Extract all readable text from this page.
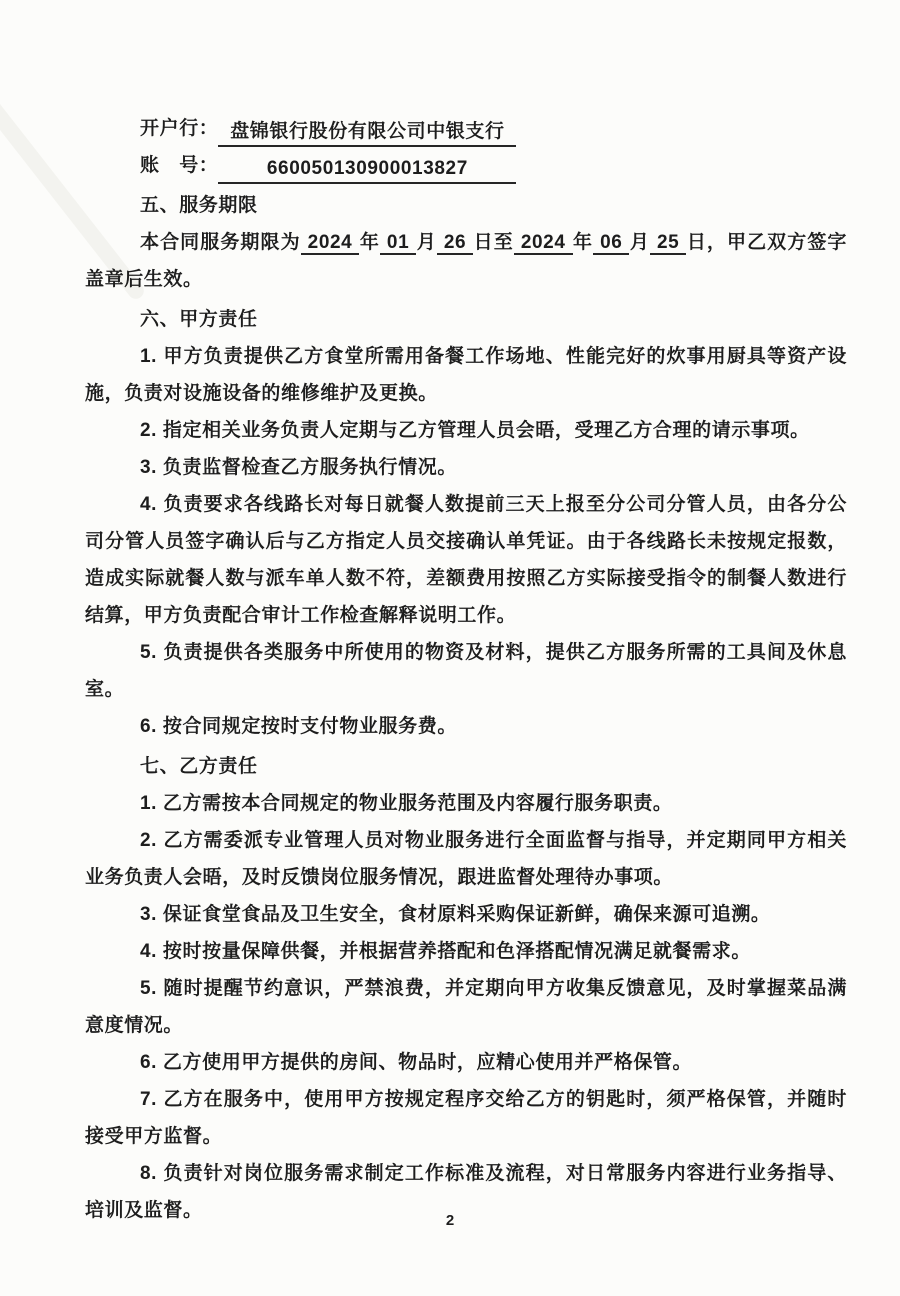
开户行： 盘锦银行股份有限公司中银支行

账　号：	660050130900013827

五、服务期限

本合同服务期限为 2024 年 01 月 26 日至 2024 年 06 月 25 日，甲乙双方签字盖章后生效。

六、甲方责任

1. 甲方负责提供乙方食堂所需用备餐工作场地、性能完好的炊事用厨具等资产设施，负责对设施设备的维修维护及更换。

2. 指定相关业务负责人定期与乙方管理人员会晤，受理乙方合理的请示事项。

3. 负责监督检查乙方服务执行情况。

4. 负责要求各线路长对每日就餐人数提前三天上报至分公司分管人员，由各分公司分管人员签字确认后与乙方指定人员交接确认单凭证。由于各线路长未按规定报数，造成实际就餐人数与派车单人数不符，差额费用按照乙方实际接受指令的制餐人数进行结算，甲方负责配合审计工作检查解释说明工作。

5. 负责提供各类服务中所使用的物资及材料，提供乙方服务所需的工具间及休息室。

6. 按合同规定按时支付物业服务费。

七、乙方责任

1. 乙方需按本合同规定的物业服务范围及内容履行服务职责。

2. 乙方需委派专业管理人员对物业服务进行全面监督与指导，并定期同甲方相关业务负责人会晤，及时反馈岗位服务情况，跟进监督处理待办事项。

3. 保证食堂食品及卫生安全，食材原料采购保证新鲜，确保来源可追溯。

4. 按时按量保障供餐，并根据营养搭配和色泽搭配情况满足就餐需求。

5. 随时提醒节约意识，严禁浪费，并定期向甲方收集反馈意见，及时掌握菜品满意度情况。

6. 乙方使用甲方提供的房间、物品时，应精心使用并严格保管。

7. 乙方在服务中，使用甲方按规定程序交给乙方的钥匙时，须严格保管，并随时接受甲方监督。

8. 负责针对岗位服务需求制定工作标准及流程，对日常服务内容进行业务指导、培训及监督。	2
